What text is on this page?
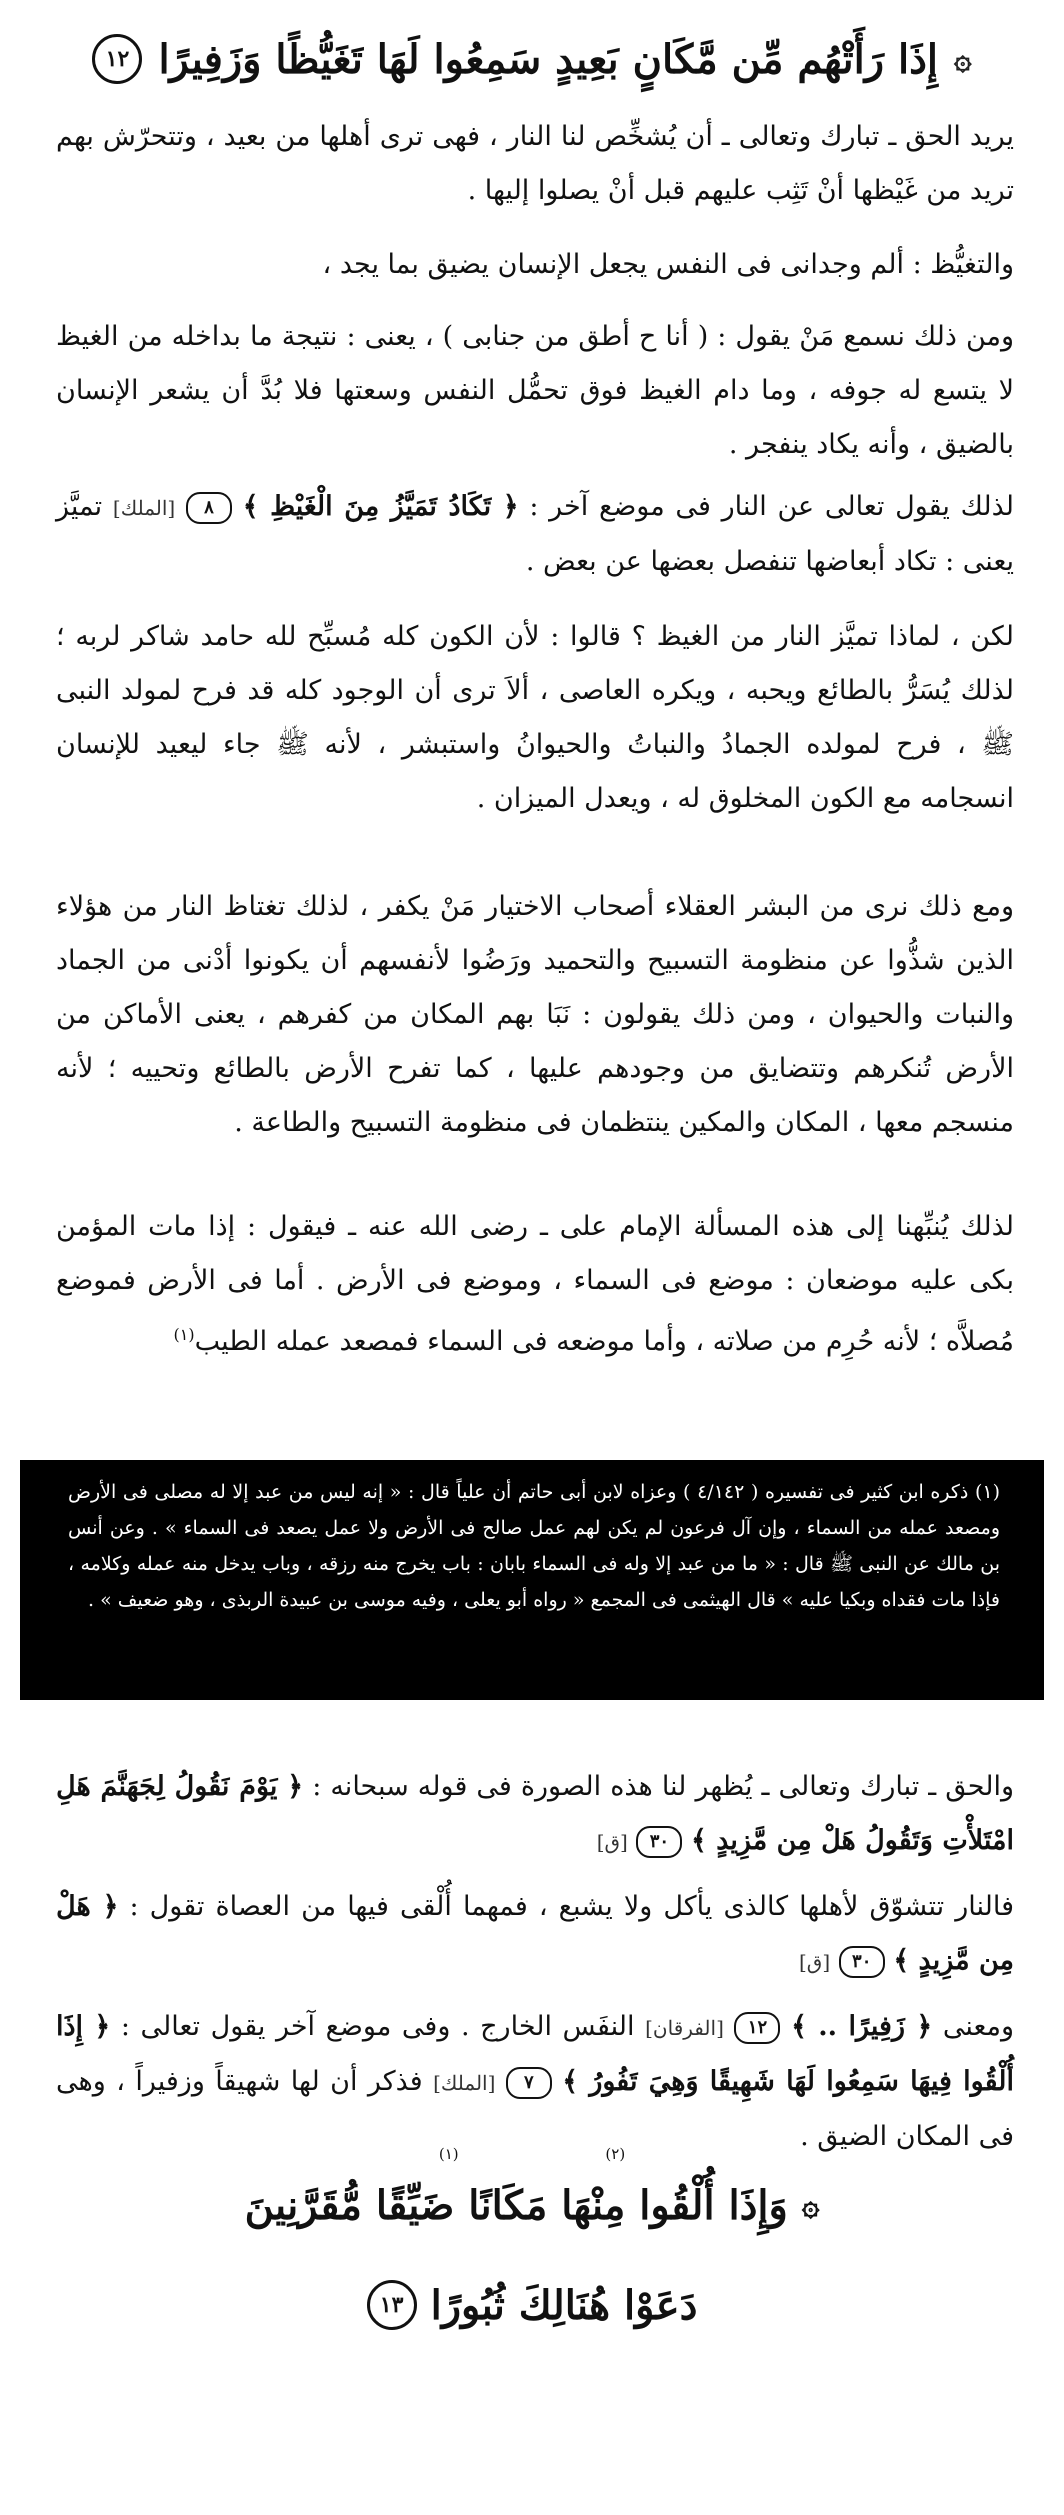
۞
إِذَا رَأَتْهُم مِّن مَّكَانٍ بَعِيدٍ سَمِعُوا لَهَا تَغَيُّظًا وَزَفِيرًا
١٢

يريد الحق ـ تبارك وتعالى ـ أن يُشخِّص لنا النار ، فهى ترى أهلها من بعيد ، وتتحرّش بهم تريد من غَيْظها أنْ تَثِب عليهم قبل أنْ يصلوا إليها .

والتغيُّظ : ألم وجدانى فى النفس يجعل الإنسان يضيق بما يجد ،

ومن ذلك نسمع مَنْ يقول : ( أنا ح أطق من جنابى ) ، يعنى : نتيجة ما بداخله من الغيظ لا يتسع له جوفه ، وما دام الغيظ فوق تحمُّل النفس وسعتها فلا بُدَّ أن يشعر الإنسان بالضيق ، وأنه يكاد ينفجر .

لذلك يقول تعالى عن النار فى موضع آخر : ﴿ تَكَادُ تَمَيَّزُ مِنَ الْغَيْظِ ﴾ ٨ [الملك] تميَّز يعنى : تكاد أبعاضها تنفصل بعضها عن بعض .

لكن ، لماذا تميَّز النار من الغيظ ؟ قالوا : لأن الكون كله مُسبِّح لله حامد شاكر لربه ؛ لذلك يُسَرُّ بالطائع ويحبه ، ويكره العاصى ، ألاَ ترى أن الوجود كله قد فرح لمولد النبى ﷺ ، فرح لمولده الجمادُ والنباتُ والحيوانُ واستبشر ، لأنه ﷺ جاء ليعيد للإنسان انسجامه مع الكون المخلوق له ، ويعدل الميزان .

ومع ذلك نرى من البشر العقلاء أصحاب الاختيار مَنْ يكفر ، لذلك تغتاظ النار من هؤلاء الذين شذُّوا عن منظومة التسبيح والتحميد ورَضُوا لأنفسهم أن يكونوا أدْنى من الجماد والنبات والحيوان ، ومن ذلك يقولون : نَبَا بهم المكان من كفرهم ، يعنى الأماكن من الأرض تُنكرهم وتتضايق من وجودهم عليها ، كما تفرح الأرض بالطائع وتحييه ؛ لأنه منسجم معها ، المكان والمكين ينتظمان فى منظومة التسبيح والطاعة .

لذلك يُنبِّهنا إلى هذه المسألة الإمام على ـ رضى الله عنه ـ فيقول : إذا مات المؤمن بكى عليه موضعان : موضع فى السماء ، وموضع فى الأرض . أما فى الأرض فموضع مُصلاَّه ؛ لأنه حُرِم من صلاته ، وأما موضعه فى السماء فمصعد عمله الطيب$^{(١)}$

(١) ذكره ابن كثير فى تفسيره ( ٤/١٤٢ ) وعزاه لابن أبى حاتم أن علياً قال : « إنه ليس من عبد إلا له مصلى فى الأرض ومصعد عمله من السماء ، وإن آل فرعون لم يكن لهم عمل صالح فى الأرض ولا عمل يصعد فى السماء » . وعن أنس بن مالك عن النبى ﷺ قال : « ما من عبد إلا وله فى السماء بابان : باب يخرج منه رزقه ، وباب يدخل منه عمله وكلامه ، فإذا مات فقداه وبكيا عليه » قال الهيثمى فى المجمع « رواه أبو يعلى ، وفيه موسى بن عبيدة الربذى ، وهو ضعيف » .

والحق ـ تبارك وتعالى ـ يُظهر لنا هذه الصورة فى قوله سبحانه : ﴿ يَوْمَ نَقُولُ لِجَهَنَّمَ هَلِ امْتَلأْتِ وَتَقُولُ هَلْ مِن مَّزِيدٍ ﴾ ٣٠ [ق]

فالنار تتشوّق لأهلها كالذى يأكل ولا يشبع ، فمهما أُلْقى فيها من العصاة تقول : ﴿ هَلْ مِن مَّزِيدٍ ﴾ ٣٠ [ق]

ومعنى ﴿ زَفِيرًا .. ﴾ ١٢ [الفرقان] النفَس الخارج . وفى موضع آخر يقول تعالى : ﴿ إِذَا أُلْقُوا فِيهَا سَمِعُوا لَهَا شَهِيقًا وَهِيَ تَفُورُ ﴾ ٧ [الملك] فذكر أن لها شهيقاً وزفيراً ، وهى فى المكان الضيق .

(٢) (١)
۞
وَإِذَا أُلْقُوا مِنْهَا مَكَانًا ضَيِّقًا مُّقَرَّنِينَ
دَعَوْا هُنَالِكَ ثُبُورًا
١٣
